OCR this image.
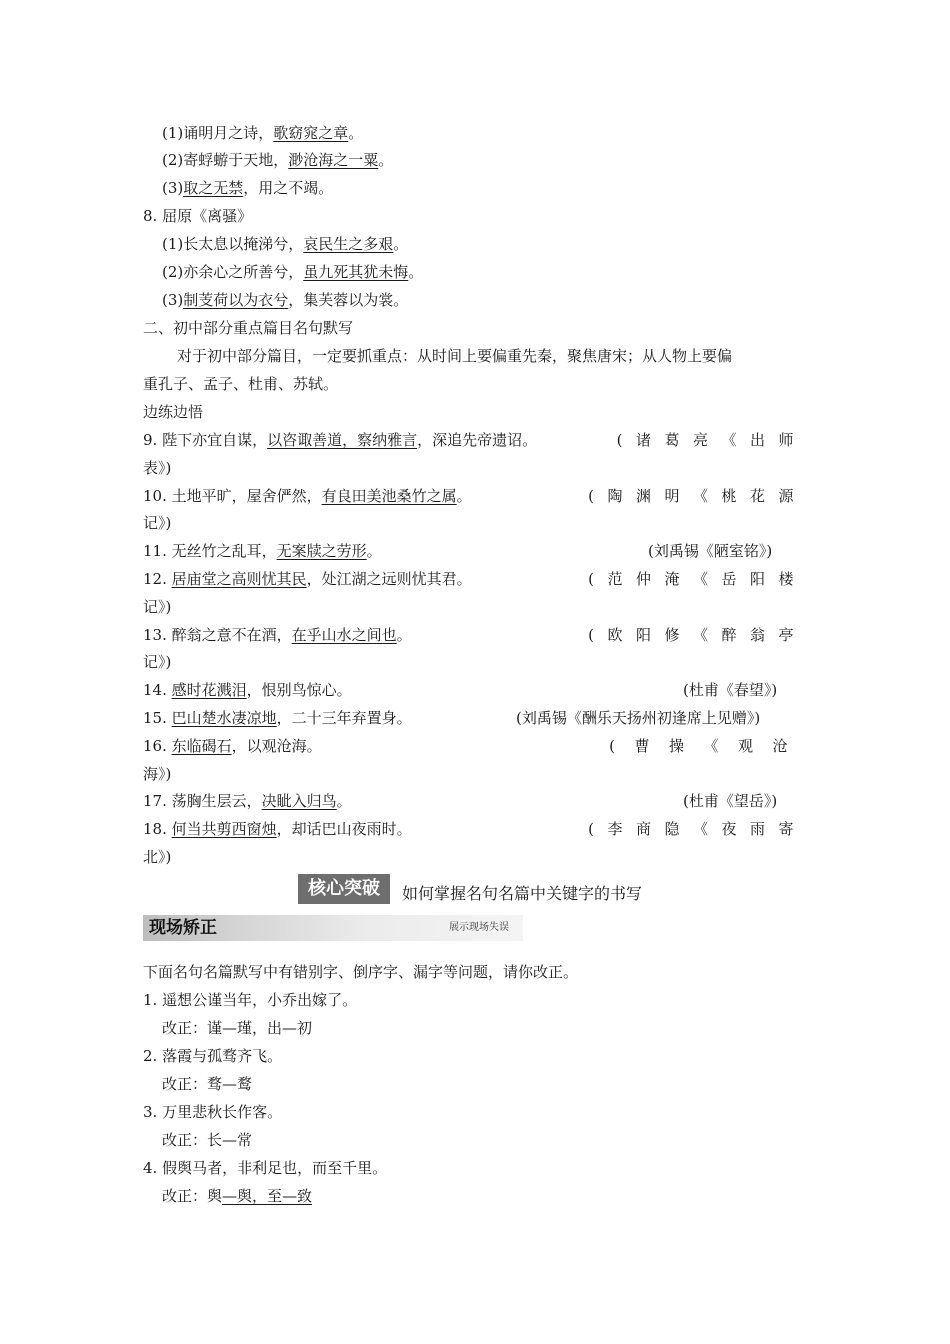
(1)诵明月之诗，歌窈窕之章。
(2)寄蜉蝣于天地，渺沧海之一粟。
(3)取之无禁，用之不竭。
8. 屈原《离骚》
(1)长太息以掩涕兮，哀民生之多艰。
(2)亦余心之所善兮，虽九死其犹未悔。
(3)制芰荷以为衣兮，集芙蓉以为裳。
二、初中部分重点篇目名句默写
对于初中部分篇目，一定要抓重点：从时间上要偏重先秦，聚焦唐宋；从人物上要偏
重孔子、孟子、杜甫、苏轼。
边练边悟
9. 陛下亦宜自谋，以咨诹善道，察纳雅言，深追先帝遗诏。	(诸葛亮《出师
表》)
10. 土地平旷，屋舍俨然，有良田美池桑竹之属。	(陶渊明《桃花源
记》)
11. 无丝竹之乱耳，无案牍之劳形。	(刘禹锡《陋室铭》)
12. 居庙堂之高则忧其民，处江湖之远则忧其君。	(范仲淹《岳阳楼
记》)
13. 醉翁之意不在酒，在乎山水之间也。	(欧阳修《醉翁亭
记》)
14. 感时花溅泪，恨别鸟惊心。	(杜甫《春望》)
15. 巴山楚水凄凉地，二十三年弃置身。	(刘禹锡《酬乐天扬州初逢席上见赠》)
16. 东临碣石，以观沧海。	(曹操《观沧
海》)
17. 荡胸生层云，决眦入归鸟。	(杜甫《望岳》)
18. 何当共剪西窗烛，却话巴山夜雨时。	(李商隐《夜雨寄
北》)
核心突破	如何掌握名句名篇中关键字的书写
现场矫正	展示现场失误
下面名句名篇默写中有错别字、倒序字、漏字等问题，请你改正。
1. 遥想公谨当年，小乔出嫁了。
改正：谨—瑾，出—初
2. 落霞与孤骛齐飞。
改正：骛—鹜
3. 万里悲秋长作客。
改正：长—常
4. 假舆马者，非利足也，而至千里。
改正：舆—舆，至—致
